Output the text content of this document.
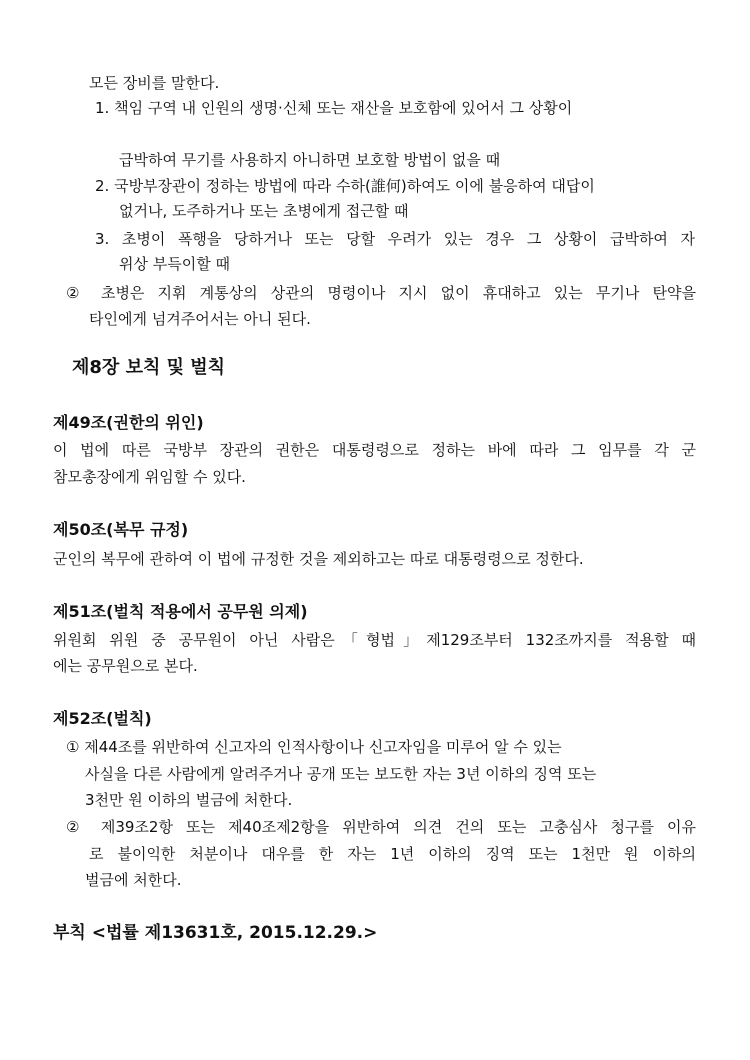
모든 장비를 말한다.
1. 책임 구역 내 인원의 생명·신체 또는 재산을 보호함에 있어서 그 상황이
급박하여 무기를 사용하지 아니하면 보호할 방법이 없을 때
2. 국방부장관이 정하는 방법에 따라 수하(誰何)하여도 이에 불응하여 대답이
없거나, 도주하거나 또는 초병에게 접근할 때
3. 초병이 폭행을 당하거나 또는 당할 우려가 있는 경우 그 상황이 급박하여 자
위상 부득이할 때
② 초병은 지휘 계통상의 상관의 명령이나 지시 없이 휴대하고 있는 무기나 탄약을
타인에게 넘겨주어서는 아니 된다.
제8장 보칙 및 벌칙
제49조(권한의 위인)
이 법에 따른 국방부 장관의 권한은 대통령령으로 정하는 바에 따라 그 임무를 각 군
참모총장에게 위임할 수 있다.
제50조(복무 규정)
군인의 복무에 관하여 이 법에 규정한 것을 제외하고는 따로 대통령령으로 정한다.
제51조(벌칙 적용에서 공무원 의제)
위원회 위원 중 공무원이 아닌 사람은「형법」제129조부터 132조까지를 적용할 때
에는 공무원으로 본다.
제52조(벌칙)
① 제44조를 위반하여 신고자의 인적사항이나 신고자임을 미루어 알 수 있는
사실을 다른 사람에게 알려주거나 공개 또는 보도한 자는 3년 이하의 징역 또는
3천만 원 이하의 벌금에 처한다.
② 제39조2항 또는 제40조제2항을 위반하여 의견 건의 또는 고충심사 청구를 이유
로 불이익한 처분이나 대우를 한 자는 1년 이하의 징역 또는 1천만 원 이하의
벌금에 처한다.
부칙 <법률 제13631호, 2015.12.29.>
